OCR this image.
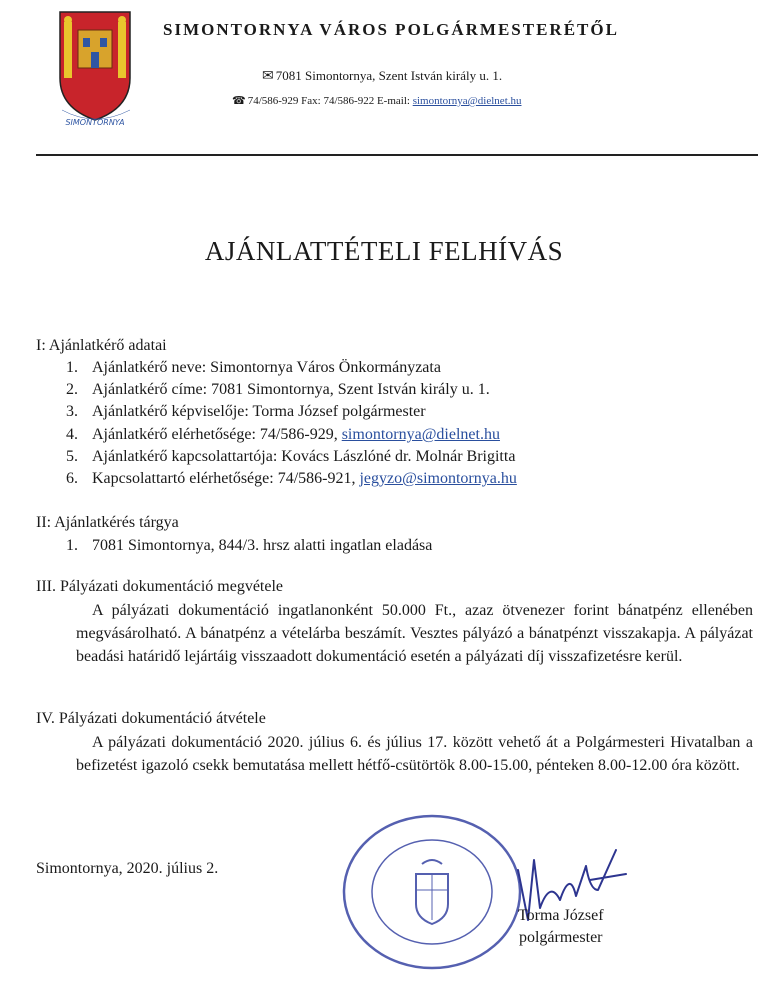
SIMONTORNYA
SIMONTORNYA VÁROS POLGÁRMESTERÉTŐL
✉ 7081 Simontornya, Szent István király u. 1.
☎ 74/586-929 Fax: 74/586-922 E-mail: simontornya@dielnet.hu
AJÁNLATTÉTELI FELHÍVÁS
I: Ajánlatkérő adatai
1. Ajánlatkérő neve: Simontornya Város Önkormányzata
2. Ajánlatkérő címe: 7081 Simontornya, Szent István király u. 1.
3. Ajánlatkérő képviselője: Torma József polgármester
4. Ajánlatkérő elérhetősége: 74/586-929, simontornya@dielnet.hu
5. Ajánlatkérő kapcsolattartója: Kovács Lászlóné dr. Molnár Brigitta
6. Kapcsolattartó elérhetősége: 74/586-921, jegyzo@simontornya.hu
II: Ajánlatkérés tárgya
1. 7081 Simontornya, 844/3. hrsz alatti ingatlan eladása
III. Pályázati dokumentáció megvétele
A pályázati dokumentáció ingatlanonként 50.000 Ft., azaz ötvenezer forint bánatpénz ellenében megvásárolható. A bánatpénz a vételárba beszámít. Vesztes pályázó a bánatpénzt visszakapja. A pályázat beadási határidő lejártáig visszaadott dokumentáció esetén a pályázati díj visszafizetésre kerül.
IV. Pályázati dokumentáció átvétele
A pályázati dokumentáció 2020. július 6. és július 17. között vehető át a Polgármesteri Hivatalban a befizetést igazoló csekk bemutatása mellett hétfő-csütörtök 8.00-15.00, pénteken 8.00-12.00 óra között.
Simontornya, 2020. július 2.
Torma József
polgármester
